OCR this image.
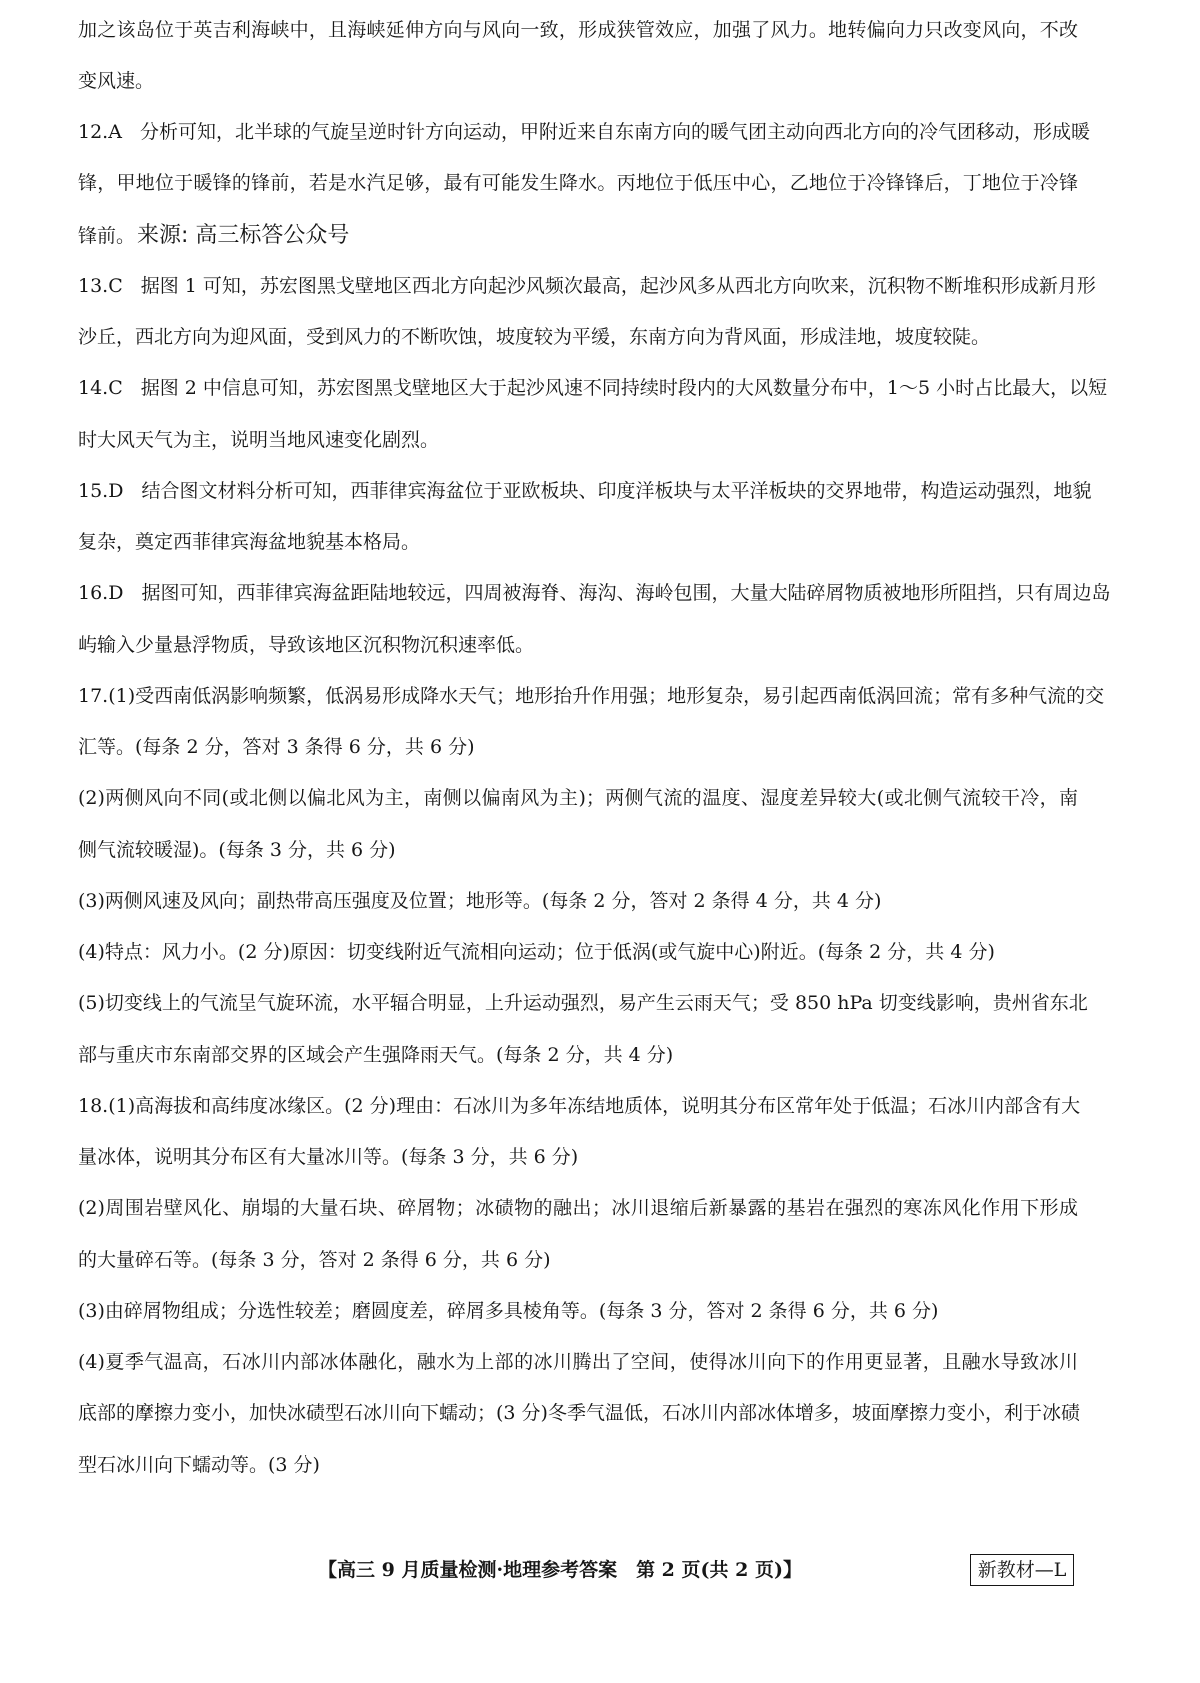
加之该岛位于英吉利海峡中，且海峡延伸方向与风向一致，形成狭管效应，加强了风力。地转偏向力只改变风向，不改
变风速。
12.A 分析可知，北半球的气旋呈逆时针方向运动，甲附近来自东南方向的暖气团主动向西北方向的冷气团移动，形成暖
锋，甲地位于暖锋的锋前，若是水汽足够，最有可能发生降水。丙地位于低压中心，乙地位于冷锋锋后，丁地位于冷锋
锋前。来源: 高三标答公众号
13.C 据图 1 可知，苏宏图黑戈壁地区西北方向起沙风频次最高，起沙风多从西北方向吹来，沉积物不断堆积形成新月形
沙丘，西北方向为迎风面，受到风力的不断吹蚀，坡度较为平缓，东南方向为背风面，形成洼地，坡度较陡。
14.C 据图 2 中信息可知，苏宏图黑戈壁地区大于起沙风速不同持续时段内的大风数量分布中，1～5 小时占比最大，以短
时大风天气为主，说明当地风速变化剧烈。
15.D 结合图文材料分析可知，西菲律宾海盆位于亚欧板块、印度洋板块与太平洋板块的交界地带，构造运动强烈，地貌
复杂，奠定西菲律宾海盆地貌基本格局。
16.D 据图可知，西菲律宾海盆距陆地较远，四周被海脊、海沟、海岭包围，大量大陆碎屑物质被地形所阻挡，只有周边岛
屿输入少量悬浮物质，导致该地区沉积物沉积速率低。
17.(1)受西南低涡影响频繁，低涡易形成降水天气；地形抬升作用强；地形复杂，易引起西南低涡回流；常有多种气流的交
汇等。(每条 2 分，答对 3 条得 6 分，共 6 分)
(2)两侧风向不同(或北侧以偏北风为主，南侧以偏南风为主)；两侧气流的温度、湿度差异较大(或北侧气流较干冷，南
侧气流较暖湿)。(每条 3 分，共 6 分)
(3)两侧风速及风向；副热带高压强度及位置；地形等。(每条 2 分，答对 2 条得 4 分，共 4 分)
(4)特点：风力小。(2 分)原因：切变线附近气流相向运动；位于低涡(或气旋中心)附近。(每条 2 分，共 4 分)
(5)切变线上的气流呈气旋环流，水平辐合明显，上升运动强烈，易产生云雨天气；受 850 hPa 切变线影响，贵州省东北
部与重庆市东南部交界的区域会产生强降雨天气。(每条 2 分，共 4 分)
18.(1)高海拔和高纬度冰缘区。(2 分)理由：石冰川为多年冻结地质体，说明其分布区常年处于低温；石冰川内部含有大
量冰体，说明其分布区有大量冰川等。(每条 3 分，共 6 分)
(2)周围岩壁风化、崩塌的大量石块、碎屑物；冰碛物的融出；冰川退缩后新暴露的基岩在强烈的寒冻风化作用下形成
的大量碎石等。(每条 3 分，答对 2 条得 6 分，共 6 分)
(3)由碎屑物组成；分选性较差；磨圆度差，碎屑多具棱角等。(每条 3 分，答对 2 条得 6 分，共 6 分)
(4)夏季气温高，石冰川内部冰体融化，融水为上部的冰川腾出了空间，使得冰川向下的作用更显著，且融水导致冰川
底部的摩擦力变小，加快冰碛型石冰川向下蠕动；(3 分)冬季气温低，石冰川内部冰体增多，坡面摩擦力变小，利于冰碛
型石冰川向下蠕动等。(3 分)
【高三 9 月质量检测·地理参考答案　第 2 页(共 2 页)】	新教材—L
